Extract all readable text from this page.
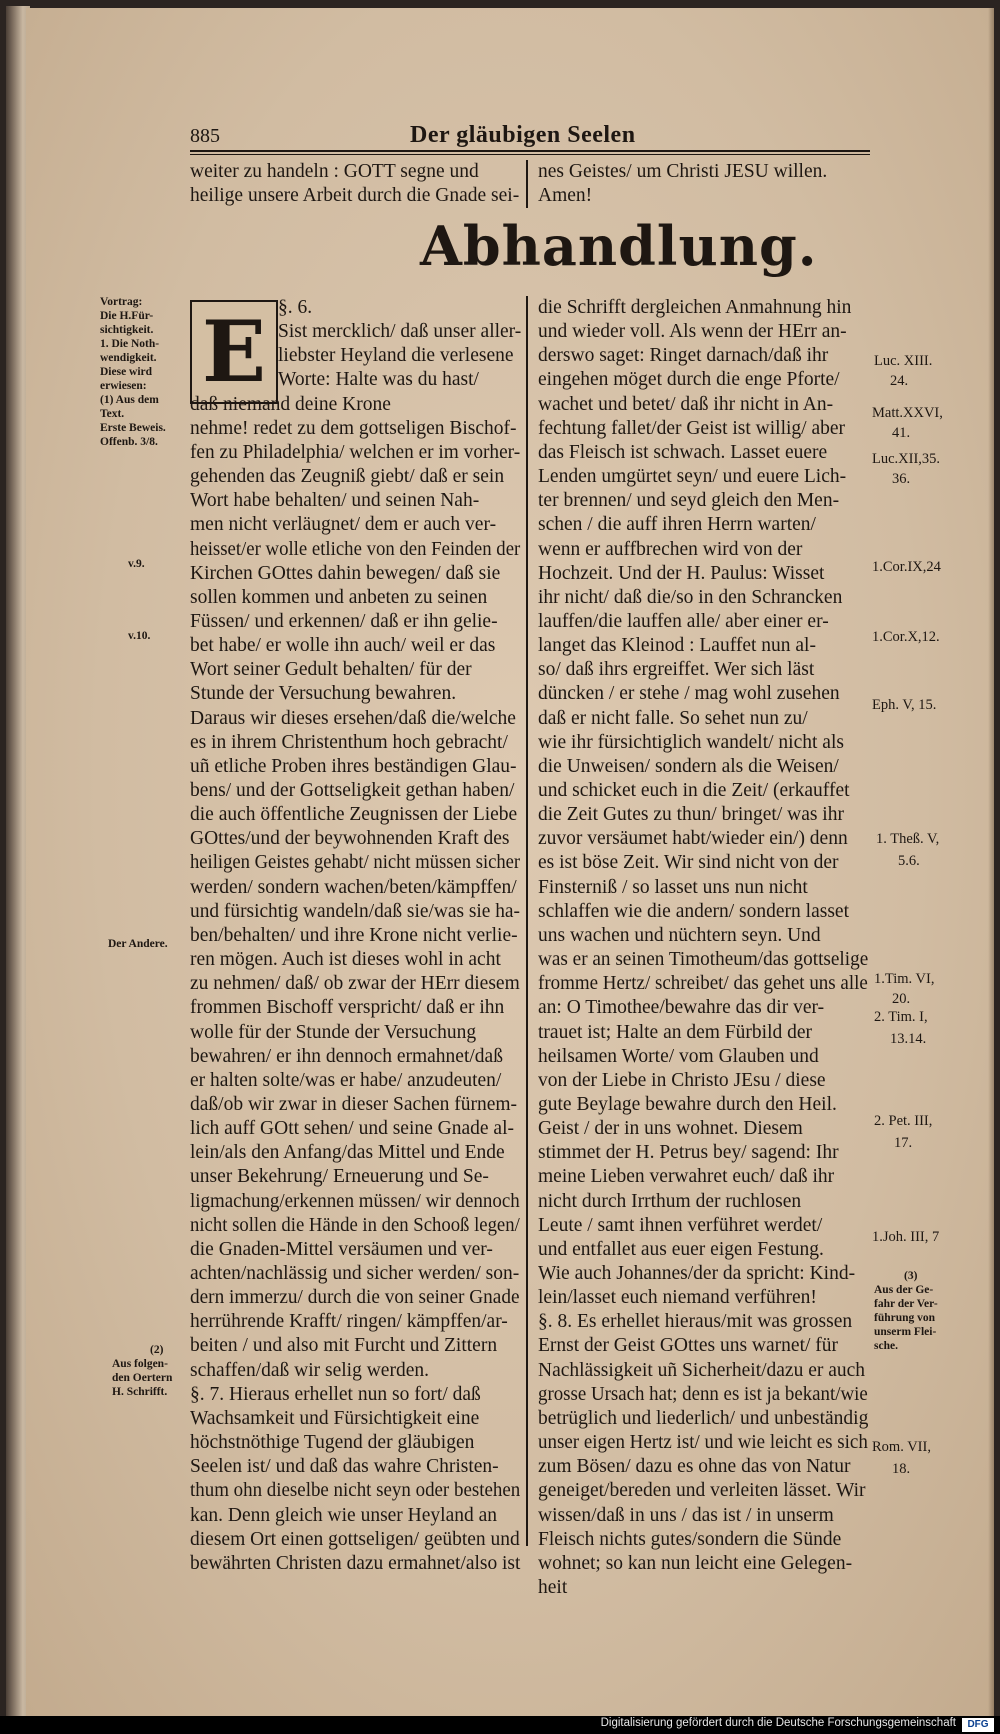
885	Der gläubigen Seelen
weiter zu handeln : GOTT segne und
heilige unsere Arbeit durch die Gnade sei-
nes Geistes/ um Christi JESU willen.
Amen!
Abhandlung.
E
Vortrag:
Die H.Für-
sichtigkeit.
1. Die Noth-
wendigkeit.
Diese wird
erwiesen:
(1) Aus dem
Text.
Erste Beweis.
Offenb. 3/8.
v.9.
v.10.
Der Andere.
(2)
Aus folgen-
den Oertern
H. Schrifft.
Luc. XIII.
24.
Matt.XXVI,
41.
Luc.XII,35.
36.
1.Cor.IX,24
1.Cor.X,12.
Eph. V, 15.
1. Theß. V,
5.6.
1.Tim. VI,
20.
2. Tim. I,
13.14.
2. Pet. III,
17.
1.Joh. III, 7
(3)
Aus der Ge-
fahr der Ver-
führung von
unserm Flei-
sche.
Rom. VII,
18.
Digitalisierung gefördert durch die Deutsche Forschungsgemeinschaft	DFG
§. 6.
Sist mercklich/ daß unser aller-
liebster Heyland die verlesene
Worte: Halte was du hast/
daß niemand deine Krone
nehme! redet zu dem gottseligen Bischof-
fen zu Philadelphia/ welchen er im vorher-
gehenden das Zeugniß giebt/ daß er sein
Wort habe behalten/ und seinen Nah-
men nicht verläugnet/ dem er auch ver-
heisset/er wolle etliche von den Feinden der
Kirchen GOttes dahin bewegen/ daß sie
sollen kommen und anbeten zu seinen
Füssen/ und erkennen/ daß er ihn gelie-
bet habe/ er wolle ihn auch/ weil er das
Wort seiner Gedult behalten/ für der
Stunde der Versuchung bewahren.
Daraus wir dieses ersehen/daß die/welche
es in ihrem Christenthum hoch gebracht/
uñ etliche Proben ihres beständigen Glau-
bens/ und der Gottseligkeit gethan haben/
die auch öffentliche Zeugnissen der Liebe
GOttes/und der beywohnenden Kraft des
heiligen Geistes gehabt/ nicht müssen sicher
werden/ sondern wachen/beten/kämpffen/
und fürsichtig wandeln/daß sie/was sie ha-
ben/behalten/ und ihre Krone nicht verlie-
ren mögen. Auch ist dieses wohl in acht
zu nehmen/ daß/ ob zwar der HErr diesem
frommen Bischoff verspricht/ daß er ihn
wolle für der Stunde der Versuchung
bewahren/ er ihn dennoch ermahnet/daß
er halten solte/was er habe/ anzudeuten/
daß/ob wir zwar in dieser Sachen fürnem-
lich auff GOtt sehen/ und seine Gnade al-
lein/als den Anfang/das Mittel und Ende
unser Bekehrung/ Erneuerung und Se-
ligmachung/erkennen müssen/ wir dennoch
nicht sollen die Hände in den Schooß legen/
die Gnaden-Mittel versäumen und ver-
achten/nachlässig und sicher werden/ son-
dern immerzu/ durch die von seiner Gnade
herrührende Krafft/ ringen/ kämpffen/ar-
beiten / und also mit Furcht und Zittern
schaffen/daß wir selig werden.
§. 7. Hieraus erhellet nun so fort/ daß
Wachsamkeit und Fürsichtigkeit eine
höchstnöthige Tugend der gläubigen
Seelen ist/ und daß das wahre Christen-
thum ohn dieselbe nicht seyn oder bestehen
kan. Denn gleich wie unser Heyland an
diesem Ort einen gottseligen/ geübten und
bewährten Christen dazu ermahnet/also ist
die Schrifft dergleichen Anmahnung hin
und wieder voll. Als wenn der HErr an-
derswo saget: Ringet darnach/daß ihr
eingehen möget durch die enge Pforte/
wachet und betet/ daß ihr nicht in An-
fechtung fallet/der Geist ist willig/ aber
das Fleisch ist schwach. Lasset euere
Lenden umgürtet seyn/ und euere Lich-
ter brennen/ und seyd gleich den Men-
schen / die auff ihren Herrn warten/
wenn er auffbrechen wird von der
Hochzeit. Und der H. Paulus: Wisset
ihr nicht/ daß die/so in den Schrancken
lauffen/die lauffen alle/ aber einer er-
langet das Kleinod : Lauffet nun al-
so/ daß ihrs ergreiffet. Wer sich läst
düncken / er stehe / mag wohl zusehen
daß er nicht falle. So sehet nun zu/
wie ihr fürsichtiglich wandelt/ nicht als
die Unweisen/ sondern als die Weisen/
und schicket euch in die Zeit/ (erkauffet
die Zeit Gutes zu thun/ bringet/ was ihr
zuvor versäumet habt/wieder ein/) denn
es ist böse Zeit. Wir sind nicht von der
Finsterniß / so lasset uns nun nicht
schlaffen wie die andern/ sondern lasset
uns wachen und nüchtern seyn. Und
was er an seinen Timotheum/das gottselige
fromme Hertz/ schreibet/ das gehet uns alle
an: O Timothee/bewahre das dir ver-
trauet ist; Halte an dem Fürbild der
heilsamen Worte/ vom Glauben und
von der Liebe in Christo JEsu / diese
gute Beylage bewahre durch den Heil.
Geist / der in uns wohnet. Diesem
stimmet der H. Petrus bey/ sagend: Ihr
meine Lieben verwahret euch/ daß ihr
nicht durch Irrthum der ruchlosen
Leute / samt ihnen verführet werdet/
und entfallet aus euer eigen Festung.
Wie auch Johannes/der da spricht: Kind-
lein/lasset euch niemand verführen!
§. 8. Es erhellet hieraus/mit was grossen
Ernst der Geist GOttes uns warnet/ für
Nachlässigkeit uñ Sicherheit/dazu er auch
grosse Ursach hat; denn es ist ja bekant/wie
betrüglich und liederlich/ und unbeständig
unser eigen Hertz ist/ und wie leicht es sich
zum Bösen/ dazu es ohne das von Natur
geneiget/bereden und verleiten lässet. Wir
wissen/daß in uns / das ist / in unserm
Fleisch nichts gutes/sondern die Sünde
wohnet; so kan nun leicht eine Gelegen-
heit
